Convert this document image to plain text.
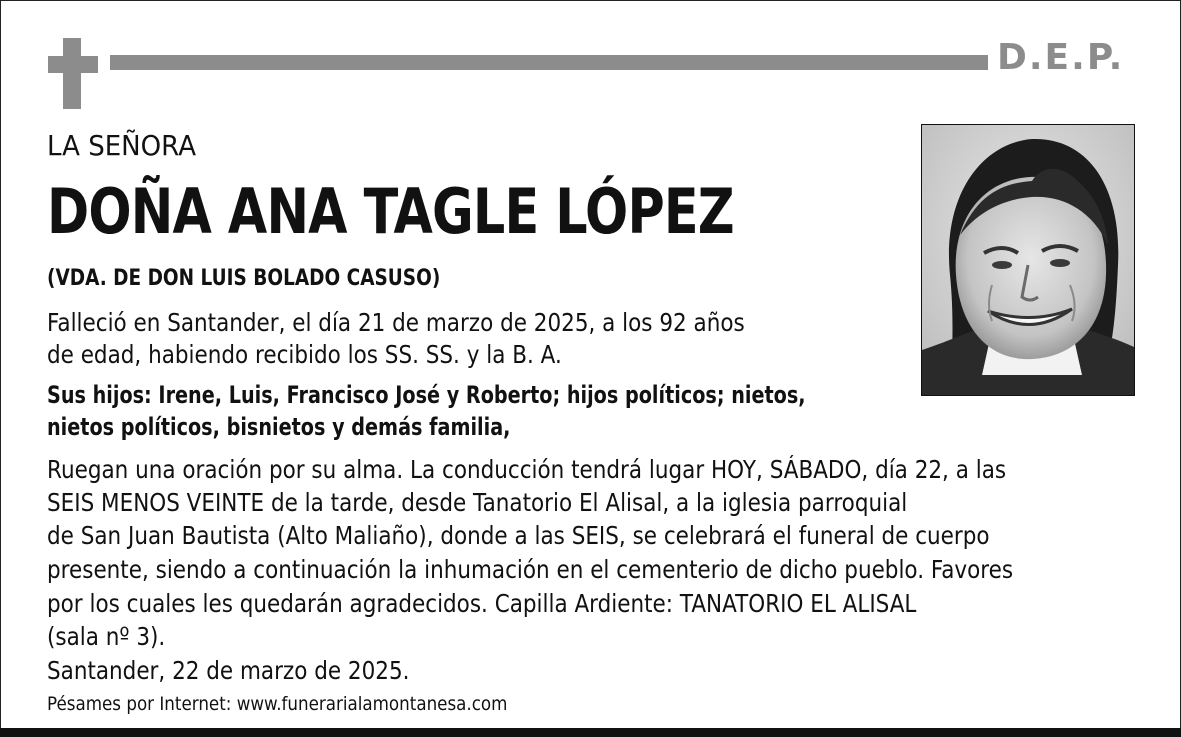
D.E.P.
LA SEÑORA
DOÑA ANA TAGLE LÓPEZ
(VDA. DE DON LUIS BOLADO CASUSO)
Falleció en Santander, el día 21 de marzo de 2025, a los 92 años
de edad, habiendo recibido los SS. SS. y la B. A.
Sus hijos: Irene, Luis, Francisco José y Roberto; hijos políticos; nietos,
nietos políticos, bisnietos y demás familia,
Ruegan una oración por su alma. La conducción tendrá lugar HOY, SÁBADO, día 22, a las
SEIS MENOS VEINTE de la tarde, desde Tanatorio El Alisal, a la iglesia parroquial
de San Juan Bautista (Alto Maliaño), donde a las SEIS, se celebrará el funeral de cuerpo
presente, siendo a continuación la inhumación en el cementerio de dicho pueblo. Favores
por los cuales les quedarán agradecidos. Capilla Ardiente: TANATORIO EL ALISAL
(sala nº 3).
Santander, 22 de marzo de 2025.
Pésames por Internet: www.funerarialamontanesa.com
